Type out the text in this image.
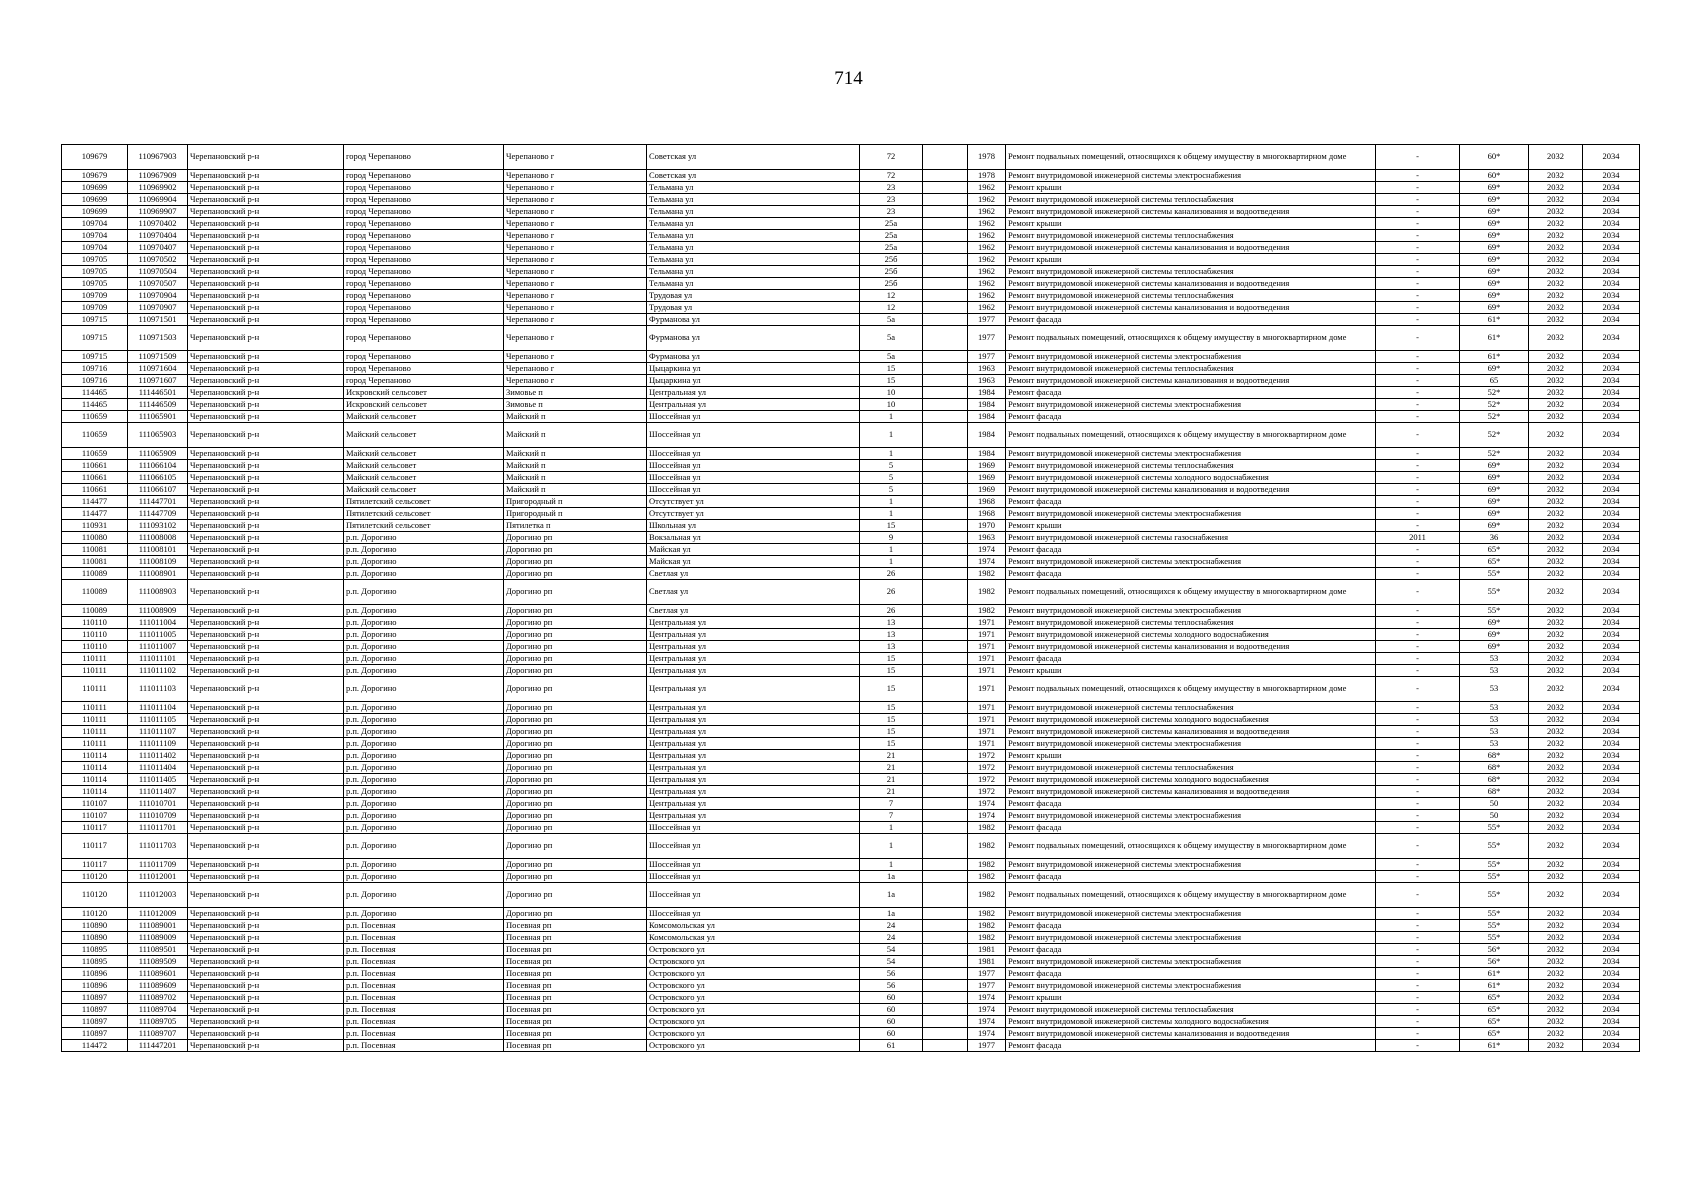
714
109679	110967903	Черепановский р-н	город Черепаново	Черепаново г	Советская ул	72		1978	Ремонт подвальных помещений, относящихся к общему имуществу в многоквартирном доме	-	60*	2032	2034
109679	110967909	Черепановский р-н	город Черепаново	Черепаново г	Советская ул	72		1978	Ремонт внутридомовой инженерной системы электроснабжения	-	60*	2032	2034
109699	110969902	Черепановский р-н	город Черепаново	Черепаново г	Тельмана ул	23		1962	Ремонт крыши	-	69*	2032	2034
109699	110969904	Черепановский р-н	город Черепаново	Черепаново г	Тельмана ул	23		1962	Ремонт внутридомовой инженерной системы теплоснабжения	-	69*	2032	2034
109699	110969907	Черепановский р-н	город Черепаново	Черепаново г	Тельмана ул	23		1962	Ремонт внутридомовой инженерной системы канализования и водоотведения	-	69*	2032	2034
109704	110970402	Черепановский р-н	город Черепаново	Черепаново г	Тельмана ул	25а		1962	Ремонт крыши	-	69*	2032	2034
109704	110970404	Черепановский р-н	город Черепаново	Черепаново г	Тельмана ул	25а		1962	Ремонт внутридомовой инженерной системы теплоснабжения	-	69*	2032	2034
109704	110970407	Черепановский р-н	город Черепаново	Черепаново г	Тельмана ул	25а		1962	Ремонт внутридомовой инженерной системы канализования и водоотведения	-	69*	2032	2034
109705	110970502	Черепановский р-н	город Черепаново	Черепаново г	Тельмана ул	25б		1962	Ремонт крыши	-	69*	2032	2034
109705	110970504	Черепановский р-н	город Черепаново	Черепаново г	Тельмана ул	25б		1962	Ремонт внутридомовой инженерной системы теплоснабжения	-	69*	2032	2034
109705	110970507	Черепановский р-н	город Черепаново	Черепаново г	Тельмана ул	25б		1962	Ремонт внутридомовой инженерной системы канализования и водоотведения	-	69*	2032	2034
109709	110970904	Черепановский р-н	город Черепаново	Черепаново г	Трудовая ул	12		1962	Ремонт внутридомовой инженерной системы теплоснабжения	-	69*	2032	2034
109709	110970907	Черепановский р-н	город Черепаново	Черепаново г	Трудовая ул	12		1962	Ремонт внутридомовой инженерной системы канализования и водоотведения	-	69*	2032	2034
109715	110971501	Черепановский р-н	город Черепаново	Черепаново г	Фурманова ул	5а		1977	Ремонт фасада	-	61*	2032	2034
109715	110971503	Черепановский р-н	город Черепаново	Черепаново г	Фурманова ул	5а		1977	Ремонт подвальных помещений, относящихся к общему имуществу в многоквартирном доме	-	61*	2032	2034
109715	110971509	Черепановский р-н	город Черепаново	Черепаново г	Фурманова ул	5а		1977	Ремонт внутридомовой инженерной системы электроснабжения	-	61*	2032	2034
109716	110971604	Черепановский р-н	город Черепаново	Черепаново г	Цыцаркина ул	15		1963	Ремонт внутридомовой инженерной системы теплоснабжения	-	69*	2032	2034
109716	110971607	Черепановский р-н	город Черепаново	Черепаново г	Цыцаркина ул	15		1963	Ремонт внутридомовой инженерной системы канализования и водоотведения	-	65	2032	2034
114465	111446501	Черепановский р-н	Искровский сельсовет	Зимовье п	Центральная ул	10		1984	Ремонт фасада	-	52*	2032	2034
114465	111446509	Черепановский р-н	Искровский сельсовет	Зимовье п	Центральная ул	10		1984	Ремонт внутридомовой инженерной системы электроснабжения	-	52*	2032	2034
110659	111065901	Черепановский р-н	Майский сельсовет	Майский п	Шоссейная ул	1		1984	Ремонт фасада	-	52*	2032	2034
110659	111065903	Черепановский р-н	Майский сельсовет	Майский п	Шоссейная ул	1		1984	Ремонт подвальных помещений, относящихся к общему имуществу в многоквартирном доме	-	52*	2032	2034
110659	111065909	Черепановский р-н	Майский сельсовет	Майский п	Шоссейная ул	1		1984	Ремонт внутридомовой инженерной системы электроснабжения	-	52*	2032	2034
110661	111066104	Черепановский р-н	Майский сельсовет	Майский п	Шоссейная ул	5		1969	Ремонт внутридомовой инженерной системы теплоснабжения	-	69*	2032	2034
110661	111066105	Черепановский р-н	Майский сельсовет	Майский п	Шоссейная ул	5		1969	Ремонт внутридомовой инженерной системы холодного водоснабжения	-	69*	2032	2034
110661	111066107	Черепановский р-н	Майский сельсовет	Майский п	Шоссейная ул	5		1969	Ремонт внутридомовой инженерной системы канализования и водоотведения	-	69*	2032	2034
114477	111447701	Черепановский р-н	Пятилетский сельсовет	Пригородный п	Отсутствует ул	1		1968	Ремонт фасада	-	69*	2032	2034
114477	111447709	Черепановский р-н	Пятилетский сельсовет	Пригородный п	Отсутствует ул	1		1968	Ремонт внутридомовой инженерной системы электроснабжения	-	69*	2032	2034
110931	111093102	Черепановский р-н	Пятилетский сельсовет	Пятилетка п	Школьная ул	15		1970	Ремонт крыши	-	69*	2032	2034
110080	111008008	Черепановский р-н	р.п. Дорогино	Дорогино рп	Вокзальная ул	9		1963	Ремонт внутридомовой инженерной системы газоснабжения	2011	36	2032	2034
110081	111008101	Черепановский р-н	р.п. Дорогино	Дорогино рп	Майская ул	1		1974	Ремонт фасада	-	65*	2032	2034
110081	111008109	Черепановский р-н	р.п. Дорогино	Дорогино рп	Майская ул	1		1974	Ремонт внутридомовой инженерной системы электроснабжения	-	65*	2032	2034
110089	111008901	Черепановский р-н	р.п. Дорогино	Дорогино рп	Светлая ул	26		1982	Ремонт фасада	-	55*	2032	2034
110089	111008903	Черепановский р-н	р.п. Дорогино	Дорогино рп	Светлая ул	26		1982	Ремонт подвальных помещений, относящихся к общему имуществу в многоквартирном доме	-	55*	2032	2034
110089	111008909	Черепановский р-н	р.п. Дорогино	Дорогино рп	Светлая ул	26		1982	Ремонт внутридомовой инженерной системы электроснабжения	-	55*	2032	2034
110110	111011004	Черепановский р-н	р.п. Дорогино	Дорогино рп	Центральная ул	13		1971	Ремонт внутридомовой инженерной системы теплоснабжения	-	69*	2032	2034
110110	111011005	Черепановский р-н	р.п. Дорогино	Дорогино рп	Центральная ул	13		1971	Ремонт внутридомовой инженерной системы холодного водоснабжения	-	69*	2032	2034
110110	111011007	Черепановский р-н	р.п. Дорогино	Дорогино рп	Центральная ул	13		1971	Ремонт внутридомовой инженерной системы канализования и водоотведения	-	69*	2032	2034
110111	111011101	Черепановский р-н	р.п. Дорогино	Дорогино рп	Центральная ул	15		1971	Ремонт фасада	-	53	2032	2034
110111	111011102	Черепановский р-н	р.п. Дорогино	Дорогино рп	Центральная ул	15		1971	Ремонт крыши	-	53	2032	2034
110111	111011103	Черепановский р-н	р.п. Дорогино	Дорогино рп	Центральная ул	15		1971	Ремонт подвальных помещений, относящихся к общему имуществу в многоквартирном доме	-	53	2032	2034
110111	111011104	Черепановский р-н	р.п. Дорогино	Дорогино рп	Центральная ул	15		1971	Ремонт внутридомовой инженерной системы теплоснабжения	-	53	2032	2034
110111	111011105	Черепановский р-н	р.п. Дорогино	Дорогино рп	Центральная ул	15		1971	Ремонт внутридомовой инженерной системы холодного водоснабжения	-	53	2032	2034
110111	111011107	Черепановский р-н	р.п. Дорогино	Дорогино рп	Центральная ул	15		1971	Ремонт внутридомовой инженерной системы канализования и водоотведения	-	53	2032	2034
110111	111011109	Черепановский р-н	р.п. Дорогино	Дорогино рп	Центральная ул	15		1971	Ремонт внутридомовой инженерной системы электроснабжения	-	53	2032	2034
110114	111011402	Черепановский р-н	р.п. Дорогино	Дорогино рп	Центральная ул	21		1972	Ремонт крыши	-	68*	2032	2034
110114	111011404	Черепановский р-н	р.п. Дорогино	Дорогино рп	Центральная ул	21		1972	Ремонт внутридомовой инженерной системы теплоснабжения	-	68*	2032	2034
110114	111011405	Черепановский р-н	р.п. Дорогино	Дорогино рп	Центральная ул	21		1972	Ремонт внутридомовой инженерной системы холодного водоснабжения	-	68*	2032	2034
110114	111011407	Черепановский р-н	р.п. Дорогино	Дорогино рп	Центральная ул	21		1972	Ремонт внутридомовой инженерной системы канализования и водоотведения	-	68*	2032	2034
110107	111010701	Черепановский р-н	р.п. Дорогино	Дорогино рп	Центральная ул	7		1974	Ремонт фасада	-	50	2032	2034
110107	111010709	Черепановский р-н	р.п. Дорогино	Дорогино рп	Центральная ул	7		1974	Ремонт внутридомовой инженерной системы электроснабжения	-	50	2032	2034
110117	111011701	Черепановский р-н	р.п. Дорогино	Дорогино рп	Шоссейная ул	1		1982	Ремонт фасада	-	55*	2032	2034
110117	111011703	Черепановский р-н	р.п. Дорогино	Дорогино рп	Шоссейная ул	1		1982	Ремонт подвальных помещений, относящихся к общему имуществу в многоквартирном доме	-	55*	2032	2034
110117	111011709	Черепановский р-н	р.п. Дорогино	Дорогино рп	Шоссейная ул	1		1982	Ремонт внутридомовой инженерной системы электроснабжения	-	55*	2032	2034
110120	111012001	Черепановский р-н	р.п. Дорогино	Дорогино рп	Шоссейная ул	1а		1982	Ремонт фасада	-	55*	2032	2034
110120	111012003	Черепановский р-н	р.п. Дорогино	Дорогино рп	Шоссейная ул	1а		1982	Ремонт подвальных помещений, относящихся к общему имуществу в многоквартирном доме	-	55*	2032	2034
110120	111012009	Черепановский р-н	р.п. Дорогино	Дорогино рп	Шоссейная ул	1а		1982	Ремонт внутридомовой инженерной системы электроснабжения	-	55*	2032	2034
110890	111089001	Черепановский р-н	р.п. Посевная	Посевная рп	Комсомольская ул	24		1982	Ремонт фасада	-	55*	2032	2034
110890	111089009	Черепановский р-н	р.п. Посевная	Посевная рп	Комсомольская ул	24		1982	Ремонт внутридомовой инженерной системы электроснабжения	-	55*	2032	2034
110895	111089501	Черепановский р-н	р.п. Посевная	Посевная рп	Островского ул	54		1981	Ремонт фасада	-	56*	2032	2034
110895	111089509	Черепановский р-н	р.п. Посевная	Посевная рп	Островского ул	54		1981	Ремонт внутридомовой инженерной системы электроснабжения	-	56*	2032	2034
110896	111089601	Черепановский р-н	р.п. Посевная	Посевная рп	Островского ул	56		1977	Ремонт фасада	-	61*	2032	2034
110896	111089609	Черепановский р-н	р.п. Посевная	Посевная рп	Островского ул	56		1977	Ремонт внутридомовой инженерной системы электроснабжения	-	61*	2032	2034
110897	111089702	Черепановский р-н	р.п. Посевная	Посевная рп	Островского ул	60		1974	Ремонт крыши	-	65*	2032	2034
110897	111089704	Черепановский р-н	р.п. Посевная	Посевная рп	Островского ул	60		1974	Ремонт внутридомовой инженерной системы теплоснабжения	-	65*	2032	2034
110897	111089705	Черепановский р-н	р.п. Посевная	Посевная рп	Островского ул	60		1974	Ремонт внутридомовой инженерной системы холодного водоснабжения	-	65*	2032	2034
110897	111089707	Черепановский р-н	р.п. Посевная	Посевная рп	Островского ул	60		1974	Ремонт внутридомовой инженерной системы канализования и водоотведения	-	65*	2032	2034
114472	111447201	Черепановский р-н	р.п. Посевная	Посевная рп	Островского ул	61		1977	Ремонт фасада	-	61*	2032	2034
